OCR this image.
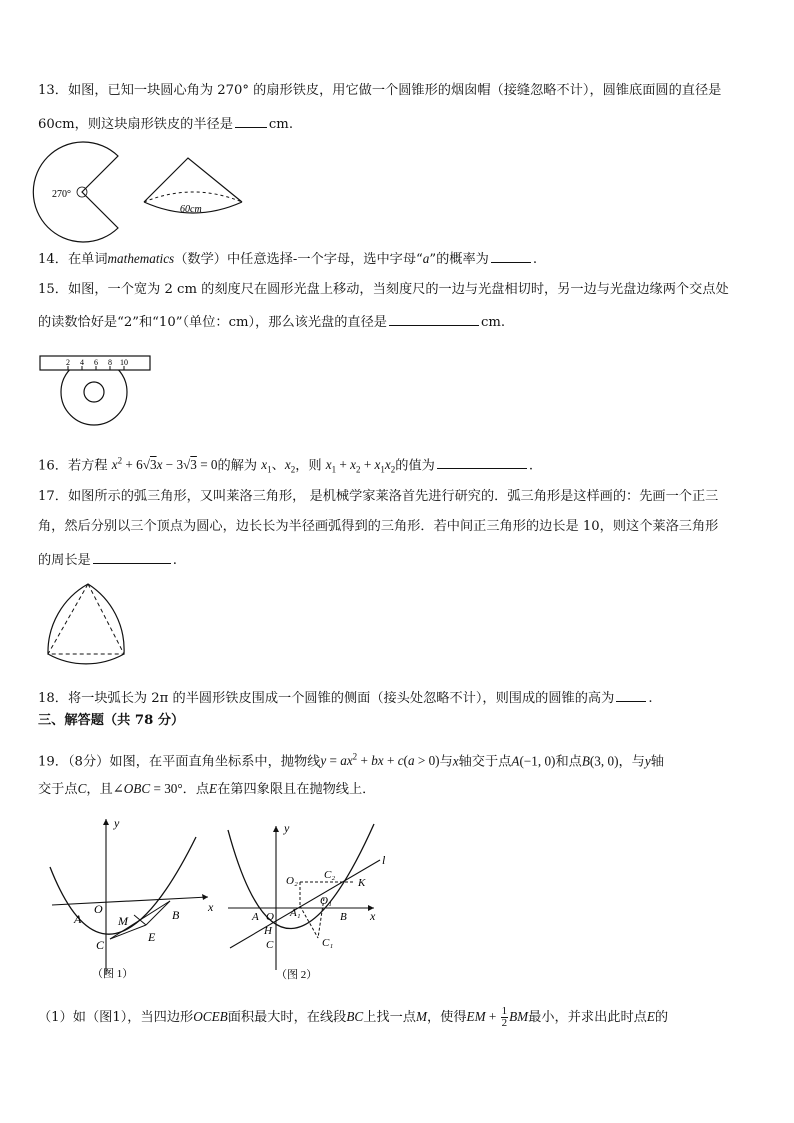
13．如图，已知一块圆心角为 270° 的扇形铁皮，用它做一个圆锥形的烟囱帽（接缝忽略不计），圆锥底面圆的直径是
60cm，则这块扇形铁皮的半径是	cm.
270°
60cm
14．在单词mathematics（数学）中任意选择-一个字母，选中字母“a”的概率为	.
15．如图，一个宽为 2 cm 的刻度尺在圆形光盘上移动，当刻度尺的一边与光盘相切时，另一边与光盘边缘两个交点处
的读数恰好是“2”和“10”（单位：cm），那么该光盘的直径是	cm.
2 4 6 8 10
16．若方程 $x^2 + 6√3x - 3√3 = 0$的解为 $x_1$、$x_2$，则 $x_1 + x_2 + x_1x_2$的值为	.
17．如图所示的弧三角形，又叫莱洛三角形， 是机械学家莱洛首先进行研究的．弧三角形是这样画的：先画一个正三
角，然后分别以三个顶点为圆心，边长长为半径画弧得到的三角形．若中间正三角形的边长是 10，则这个莱洛三角形
的周长是	.
18．将一块弧长为 2π 的半圆形铁皮围成一个圆锥的侧面（接头处忽略不计），则围成的圆锥的高为	.
三、解答题（共 78 分）
19．（8分）如图，在平面直角坐标系中，抛物线$y = ax^2$ + bx + c(a > 0)与x轴交于点A(−1, 0)和点B(3, 0)，与y轴
交于点C，且∠OBC = 30°．点E在第四象限且在抛物线上．
y
x
O
A	B
C
M
E
（图 1）
y
x
l
O
A	B
C
H
O₂ C₂
K
A₁
O₁
C₁
（图 2）
（1）如（图1），当四边形OCEB面积最大时，在线段BC上找一点M，使得EM + $\frac{1}{2}$ BM最小，并求出此时点E的
